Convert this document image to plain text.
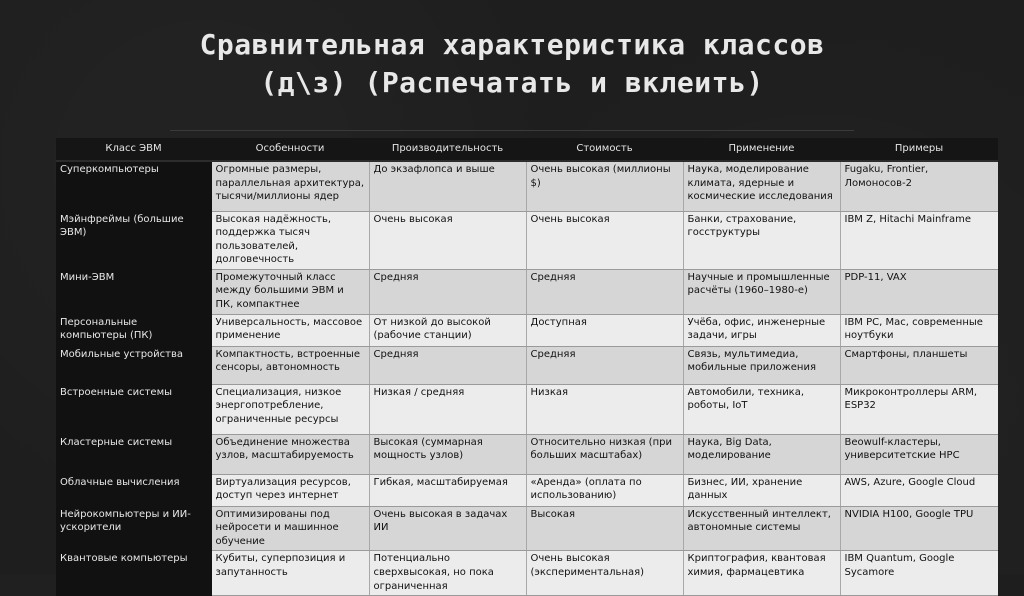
Сравнительная характеристика классов
(д\з) (Распечатать и вклеить)
Класс ЭВМ	Особенности	Производительность	Стоимость	Применение	Примеры
Суперкомпьютеры	Огромные размеры, параллельная архитектура, тысячи/миллионы ядер	До экзафлопса и выше	Очень высокая (миллионы $)	Наука, моделирование климата, ядерные и космические исследования	Fugaku, Frontier, Ломоносов-2
Мэйнфреймы (большие ЭВМ)	Высокая надёжность, поддержка тысяч пользователей, долговечность	Очень высокая	Очень высокая	Банки, страхование, госструктуры	IBM Z, Hitachi Mainframe
Мини-ЭВМ	Промежуточный класс между большими ЭВМ и ПК, компактнее	Средняя	Средняя	Научные и промышленные расчёты (1960–1980-е)	PDP-11, VAX
Персональные компьютеры (ПК)	Универсальность, массовое применение	От низкой до высокой (рабочие станции)	Доступная	Учёба, офис, инженерные задачи, игры	IBM PC, Mac, современные ноутбуки
Мобильные устройства	Компактность, встроенные сенсоры, автономность	Средняя	Средняя	Связь, мультимедиа, мобильные приложения	Смартфоны, планшеты
Встроенные системы	Специализация, низкое энергопотребление, ограниченные ресурсы	Низкая / средняя	Низкая	Автомобили, техника, роботы, IoT	Микроконтроллеры ARM, ESP32
Кластерные системы	Объединение множества узлов, масштабируемость	Высокая (суммарная мощность узлов)	Относительно низкая (при больших масштабах)	Наука, Big Data, моделирование	Beowulf-кластеры, университетские HPC
Облачные вычисления	Виртуализация ресурсов, доступ через интернет	Гибкая, масштабируемая	«Аренда» (оплата по использованию)	Бизнес, ИИ, хранение данных	AWS, Azure, Google Cloud
Нейрокомпьютеры и ИИ-ускорители	Оптимизированы под нейросети и машинное обучение	Очень высокая в задачах ИИ	Высокая	Искусственный интеллект, автономные системы	NVIDIA H100, Google TPU
Квантовые компьютеры	Кубиты, суперпозиция и запутанность	Потенциально сверхвысокая, но пока ограниченная	Очень высокая (экспериментальная)	Криптография, квантовая химия, фармацевтика	IBM Quantum, Google Sycamore
